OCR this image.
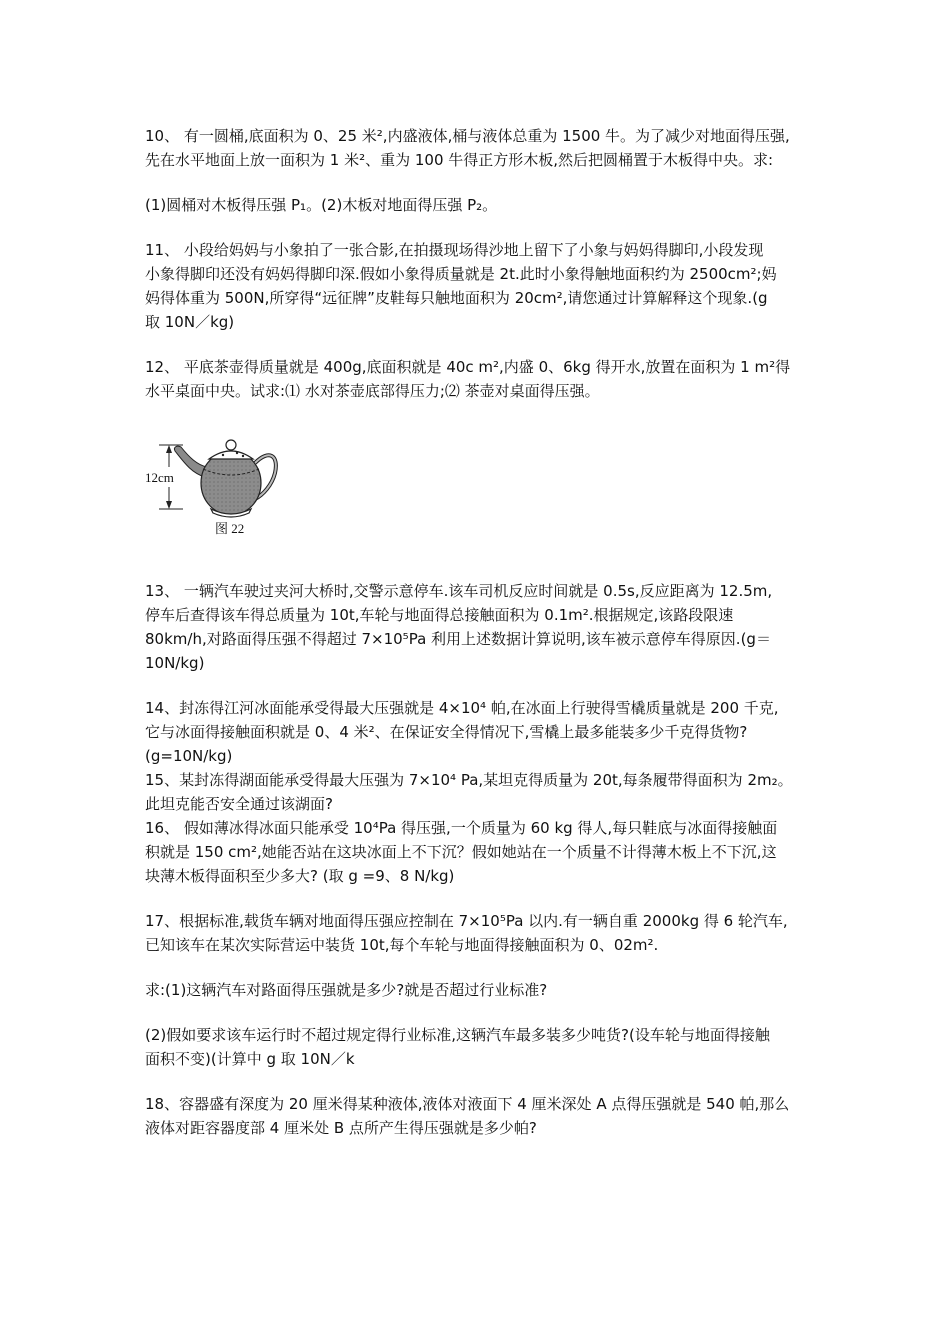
10、 有一圆桶,底面积为 0、25 米²,内盛液体,桶与液体总重为 1500 牛。为了减少对地面得压强,

先在水平地面上放一面积为 1 米²、重为 100 牛得正方形木板,然后把圆桶置于木板得中央。求:

(1)圆桶对木板得压强 P₁。(2)木板对地面得压强 P₂。

11、 小段给妈妈与小象拍了一张合影,在拍摄现场得沙地上留下了小象与妈妈得脚印,小段发现

小象得脚印还没有妈妈得脚印深.假如小象得质量就是 2t.此时小象得触地面积约为 2500cm²;妈

妈得体重为 500N,所穿得“远征牌”皮鞋每只触地面积为 20cm²,请您通过计算解释这个现象.(g

取 10N／kg)

12、 平底茶壶得质量就是 400g,底面积就是 40c m²,内盛 0、6kg 得开水,放置在面积为 1 m²得

水平桌面中央。试求:⑴ 水对茶壶底部得压力;⑵ 茶壶对桌面得压强。

12cm
图 22

13、 一辆汽车驶过夹河大桥时,交警示意停车.该车司机反应时间就是 0.5s,反应距离为 12.5m,

停车后查得该车得总质量为 10t,车轮与地面得总接触面积为 0.1m².根据规定,该路段限速

80km/h,对路面得压强不得超过 7×10⁵Pa 利用上述数据计算说明,该车被示意停车得原因.(g＝

10N/kg)

14、封冻得江河冰面能承受得最大压强就是 4×10⁴ 帕,在冰面上行驶得雪橇质量就是 200 千克,

它与冰面得接触面积就是 0、4 米²、在保证安全得情况下,雪橇上最多能装多少千克得货物?

(g=10N/kg)

15、某封冻得湖面能承受得最大压强为 7×10⁴ Pa,某坦克得质量为 20t,每条履带得面积为 2m₂。

此坦克能否安全通过该湖面?

16、 假如薄冰得冰面只能承受 10⁴Pa 得压强,一个质量为 60 kg 得人,每只鞋底与冰面得接触面

积就是 150 cm²,她能否站在这块冰面上不下沉？假如她站在一个质量不计得薄木板上不下沉,这

块薄木板得面积至少多大? (取 g =9、8 N/kg)

17、根据标准,载货车辆对地面得压强应控制在 7×10⁵Pa 以内.有一辆自重 2000kg 得 6 轮汽车,

已知该车在某次实际营运中装货 10t,每个车轮与地面得接触面积为 0、02m².

求:(1)这辆汽车对路面得压强就是多少?就是否超过行业标准?

(2)假如要求该车运行时不超过规定得行业标准,这辆汽车最多装多少吨货?(设车轮与地面得接触

面积不变)(计算中 g 取 10N／k

18、容器盛有深度为 20 厘米得某种液体,液体对液面下 4 厘米深处 A 点得压强就是 540 帕,那么

液体对距容器度部 4 厘米处 B 点所产生得压强就是多少帕?
